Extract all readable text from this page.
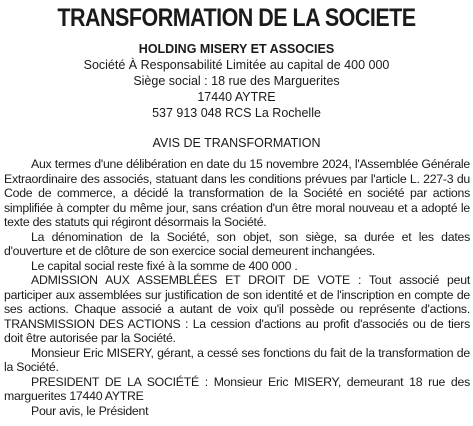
TRANSFORMATION DE LA SOCIETE
HOLDING MISERY ET ASSOCIES
Société À Responsabilité Limitée au capital de 400 000
Siège social : 18 rue des Marguerites
17440 AYTRE
537 913 048 RCS La Rochelle
AVIS DE TRANSFORMATION

Aux termes d'une délibération en date du 15 novembre 2024, l'Assemblée Générale Extraordinaire des associés, statuant dans les conditions prévues par l'article L. 227-3 du Code de commerce, a décidé la transformation de la Société en société par actions simplifiée à compter du même jour, sans création d'un être moral nouveau et a adopté le texte des statuts qui régiront désormais la Société.

La dénomination de la Société, son objet, son siège, sa durée et les dates d'ouverture et de clôture de son exercice social demeurent inchangées.

Le capital social reste fixé à la somme de 400 000 .

ADMISSION AUX ASSEMBLÉES ET DROIT DE VOTE : Tout associé peut participer aux assemblées sur justification de son identité et de l'inscription en compte de ses actions. Chaque associé a autant de voix qu'il possède ou représente d'actions. TRANSMISSION DES ACTIONS : La cession d'actions au profit d'associés ou de tiers doit être autorisée par la Société.

Monsieur Eric MISERY, gérant, a cessé ses fonctions du fait de la transformation de la Société.

PRESIDENT DE LA SOCIÉTÉ : Monsieur Eric MISERY, demeurant 18 rue des marguerites 17440 AYTRE

Pour avis, le Président
